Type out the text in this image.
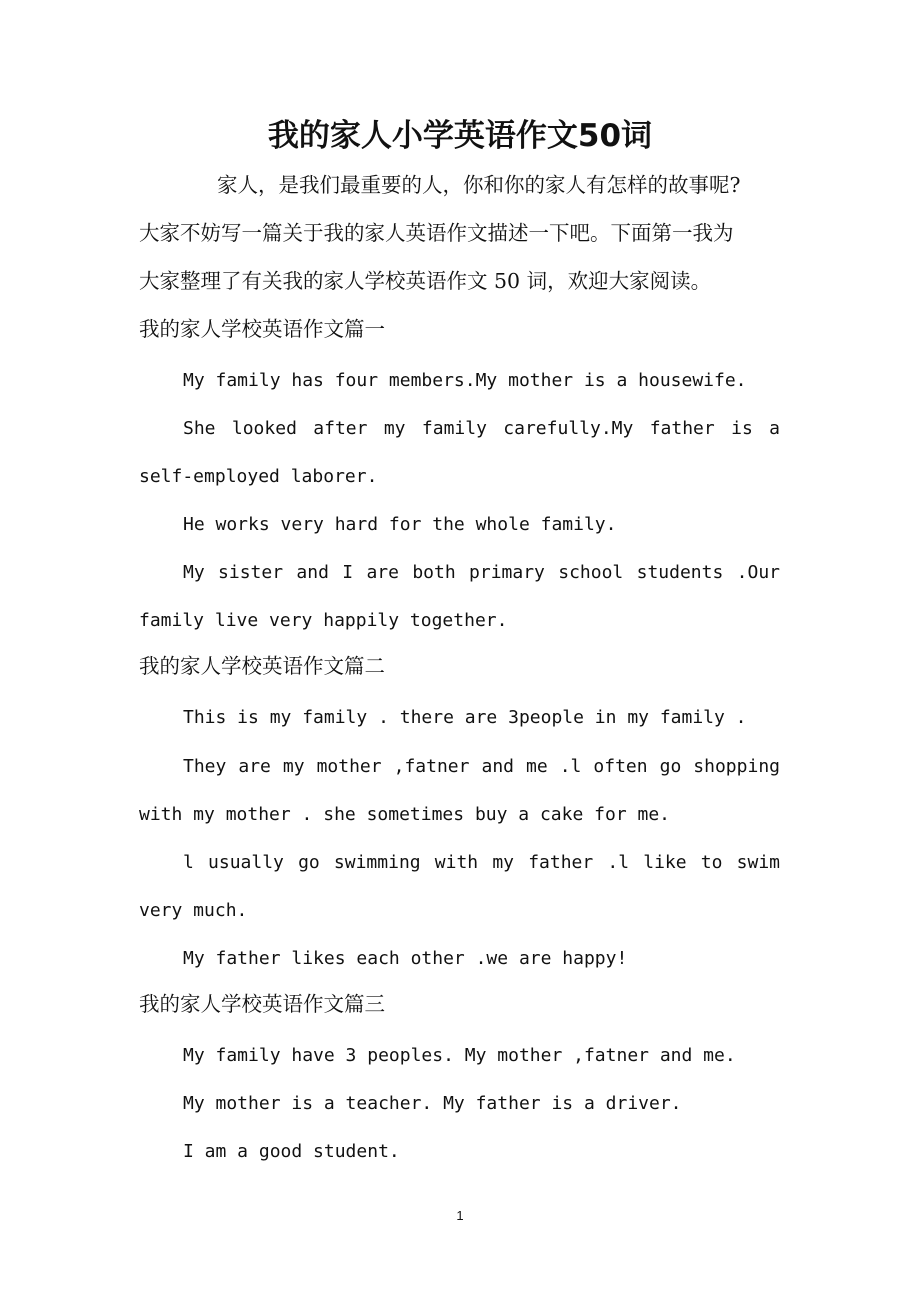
我的家人小学英语作文50词
家人，是我们最重要的人，你和你的家人有怎样的故事呢?
大家不妨写一篇关于我的家人英语作文描述一下吧。下面第一我为
大家整理了有关我的家人学校英语作文 50 词，欢迎大家阅读。
我的家人学校英语作文篇一
My family has four members.My mother is a housewife.
She looked after my family carefully.My father is a
self-employed laborer.
He works very hard for the whole family.
My sister and I are both primary school students .Our
family live very happily together.
我的家人学校英语作文篇二
This is my family . there are 3people in my family .
They are my mother ,fatner and me .l often go shopping
with my mother . she sometimes buy a cake for me.
l usually go swimming with my father .l like to swim
very much.
My father likes each other .we are happy!
我的家人学校英语作文篇三
My family have 3 peoples. My mother ,fatner and me.
My mother is a teacher. My father is a driver.
I am a good student.
1
